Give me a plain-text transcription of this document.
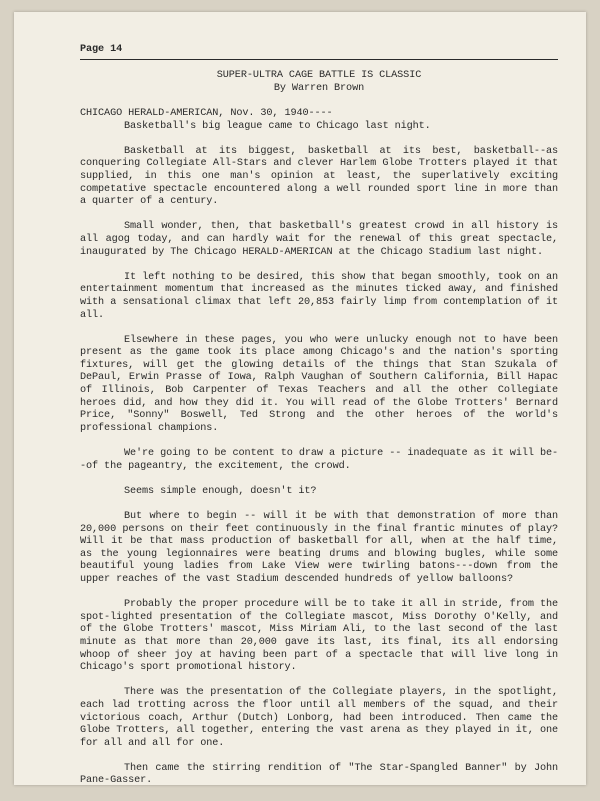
Page 14
SUPER-ULTRA CAGE BATTLE IS CLASSIC
By Warren Brown

CHICAGO HERALD-AMERICAN, Nov. 30, 1940----

Basketball's big league came to Chicago last night.

Basketball at its biggest, basketball at its best, basketball--as conquering Collegiate All-Stars and clever Harlem Globe Trotters played it that supplied, in this one man's opinion at least, the superlatively exciting competative spectacle encountered along a well rounded sport line in more than a quarter of a century.

Small wonder, then, that basketball's greatest crowd in all history is all agog today, and can hardly wait for the renewal of this great spectacle, inaugurated by The Chicago HERALD-AMERICAN at the Chicago Stadium last night.

It left nothing to be desired, this show that began smoothly, took on an entertainment momentum that increased as the minutes ticked away, and finished with a sensational climax that left 20,853 fairly limp from contemplation of it all.

Elsewhere in these pages, you who were unlucky enough not to have been present as the game took its place among Chicago's and the nation's sporting fixtures, will get the glowing details of the things that Stan Szukala of DePaul, Erwin Prasse of Iowa, Ralph Vaughan of Southern California, Bill Hapac of Illinois, Bob Carpenter of Texas Teachers and all the other Collegiate heroes did, and how they did it. You will read of the Globe Trotters' Bernard Price, "Sonny" Boswell, Ted Strong and the other heroes of the world's professional champions.

We're going to be content to draw a picture -- inadequate as it will be--of the pageantry, the excitement, the crowd.

Seems simple enough, doesn't it?

But where to begin -- will it be with that demonstration of more than 20,000 persons on their feet continuously in the final frantic minutes of play? Will it be that mass production of basketball for all, when at the half time, as the young legionnaires were beating drums and blowing bugles, while some beautiful young ladies from Lake View were twirling batons---down from the upper reaches of the vast Stadium descended hundreds of yellow balloons?

Probably the proper procedure will be to take it all in stride, from the spot-lighted presentation of the Collegiate mascot, Miss Dorothy O'Kelly, and of the Globe Trotters' mascot, Miss Miriam Ali, to the last second of the last minute as that more than 20,000 gave its last, its final, its all endorsing whoop of sheer joy at having been part of a spectacle that will live long in Chicago's sport promotional history.

There was the presentation of the Collegiate players, in the spotlight, each lad trotting across the floor until all members of the squad, and their victorious coach, Arthur (Dutch) Lonborg, had been introduced. Then came the Globe Trotters, all together, entering the vast arena as they played in it, one for all and all for one.

Then came the stirring rendition of "The Star-Spangled Banner" by John Pane-Gasser.
